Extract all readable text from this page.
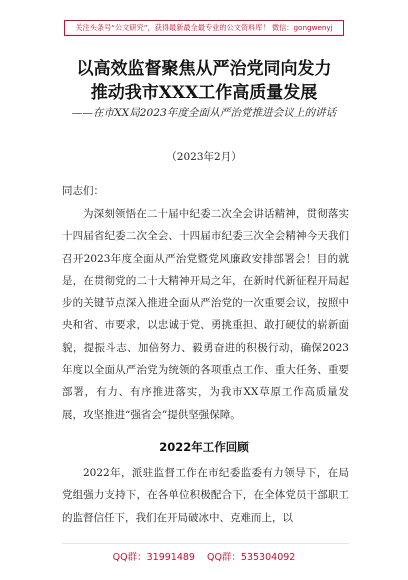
关注头条号“公文研究”，获得最新最全最专业的公文资料库！ 微信：gongwenyj
以高效监督聚焦从严治党同向发力
推动我市XXX工作高质量发展
——在市XX局2023年度全面从严治党推进会议上的讲话
（2023年2月）
同志们：

为深刻领悟在二十届中纪委二次全会讲话精神，贯彻落实十四届省纪委二次全会、十四届市纪委三次全会精神今天我们召开2023年度全面从严治党暨党风廉政安排部署会！目的就是，在贯彻党的二十大精神开局之年，在新时代新征程开局起步的关键节点深入推进全面从严治党的一次重要会议，按照中央和省、市要求，以忠诚于党、勇挑重担、敢打硬仗的崭新面貌，提振斗志、加倍努力、毅勇奋进的积极行动，确保2023年度以全面从严治党为统领的各项重点工作、重大任务、重要部署，有力、有序推进落实，为我市XX草原工作高质量发展，攻坚推进“强省会”提供坚强保障。

2022年工作回顾

2022年，派驻监督工作在市纪委监委有力领导下，在局党组强力支持下，在各单位积极配合下，在全体党员干部职工的监督信任下，我们在开局破冰中、克难而上，以

QQ群：31991489 QQ群：535304092
